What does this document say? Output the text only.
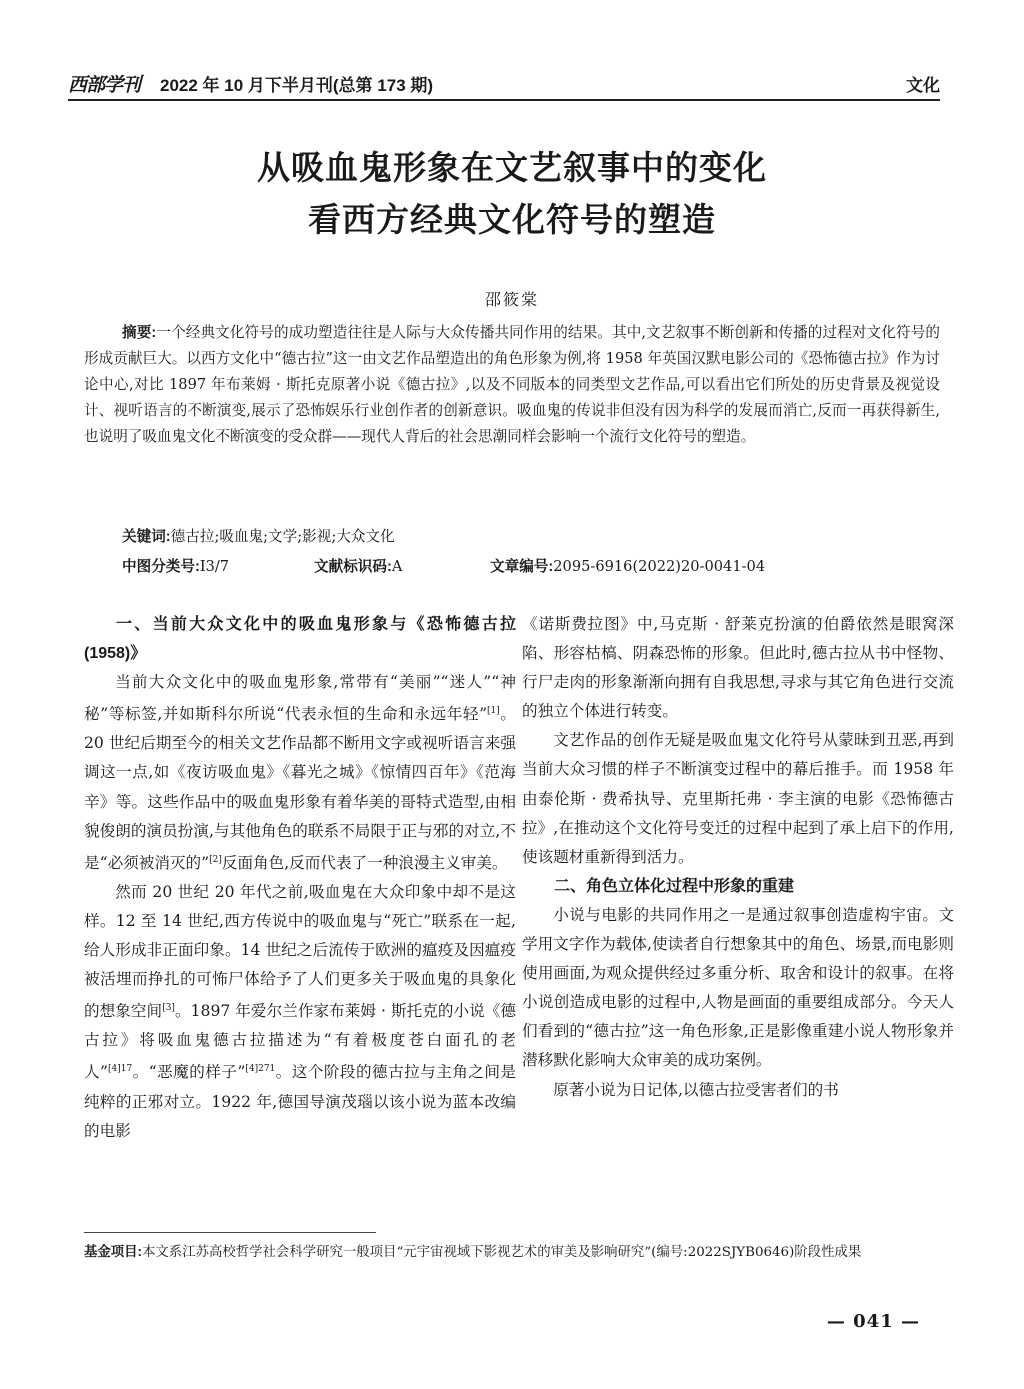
西部学刊 2022 年 10 月下半月刊(总第 173 期)	文化
从吸血鬼形象在文艺叙事中的变化
看西方经典文化符号的塑造
邵筱棠
摘要:一个经典文化符号的成功塑造往往是人际与大众传播共同作用的结果。其中,文艺叙事不断创新和传播的过程对文化符号的形成贡献巨大。以西方文化中“德古拉”这一由文艺作品塑造出的角色形象为例,将 1958 年英国汉默电影公司的《恐怖德古拉》作为讨论中心,对比 1897 年布莱姆 · 斯托克原著小说《德古拉》,以及不同版本的同类型文艺作品,可以看出它们所处的历史背景及视觉设计、视听语言的不断演变,展示了恐怖娱乐行业创作者的创新意识。吸血鬼的传说非但没有因为科学的发展而消亡,反而一再获得新生,也说明了吸血鬼文化不断演变的受众群——现代人背后的社会思潮同样会影响一个流行文化符号的塑造。
关键词:德古拉;吸血鬼;文学;影视;大众文化
中图分类号:I3/7	文献标识码:A	文章编号:2095-6916(2022)20-0041-04
一、当前大众文化中的吸血鬼形象与《恐怖德古拉(1958)》

当前大众文化中的吸血鬼形象,常带有“美丽”“迷人”“神秘”等标签,并如斯科尔所说“代表永恒的生命和永远年轻”[1]。20 世纪后期至今的相关文艺作品都不断用文字或视听语言来强调这一点,如《夜访吸血鬼》《暮光之城》《惊情四百年》《范海辛》等。这些作品中的吸血鬼形象有着华美的哥特式造型,由相貌俊朗的演员扮演,与其他角色的联系不局限于正与邪的对立,不是“必须被消灭的”[2]反面角色,反而代表了一种浪漫主义审美。

然而 20 世纪 20 年代之前,吸血鬼在大众印象中却不是这样。12 至 14 世纪,西方传说中的吸血鬼与“死亡”联系在一起,给人形成非正面印象。14 世纪之后流传于欧洲的瘟疫及因瘟疫被活埋而挣扎的可怖尸体给予了人们更多关于吸血鬼的具象化的想象空间[3]。1897 年爱尔兰作家布莱姆 · 斯托克的小说《德古拉》将吸血鬼德古拉描述为“有着极度苍白面孔的老人”$^{[4]17}$。“恶魔的样子”$^{[4]271}$。这个阶段的德古拉与主角之间是纯粹的正邪对立。1922 年,德国导演茂瑙以该小说为蓝本改编的电影

《诺斯费拉图》中,马克斯 · 舒莱克扮演的伯爵依然是眼窝深陷、形容枯槁、阴森恐怖的形象。但此时,德古拉从书中怪物、行尸走肉的形象渐渐向拥有自我思想,寻求与其它角色进行交流的独立个体进行转变。

文艺作品的创作无疑是吸血鬼文化符号从蒙昧到丑恶,再到当前大众习惯的样子不断演变过程中的幕后推手。而 1958 年由泰伦斯 · 费希执导、克里斯托弗 · 李主演的电影《恐怖德古拉》,在推动这个文化符号变迁的过程中起到了承上启下的作用,使该题材重新得到活力。

二、角色立体化过程中形象的重建

小说与电影的共同作用之一是通过叙事创造虚构宇宙。文学用文字作为载体,使读者自行想象其中的角色、场景,而电影则使用画面,为观众提供经过多重分析、取舍和设计的叙事。在将小说创造成电影的过程中,人物是画面的重要组成部分。今天人们看到的“德古拉”这一角色形象,正是影像重建小说人物形象并潜移默化影响大众审美的成功案例。

原著小说为日记体,以德古拉受害者们的书

基金项目:本文系江苏高校哲学社会科学研究一般项目“元宇宙视域下影视艺术的审美及影响研究”(编号:2022SJYB0646)阶段性成果
— 041 —
